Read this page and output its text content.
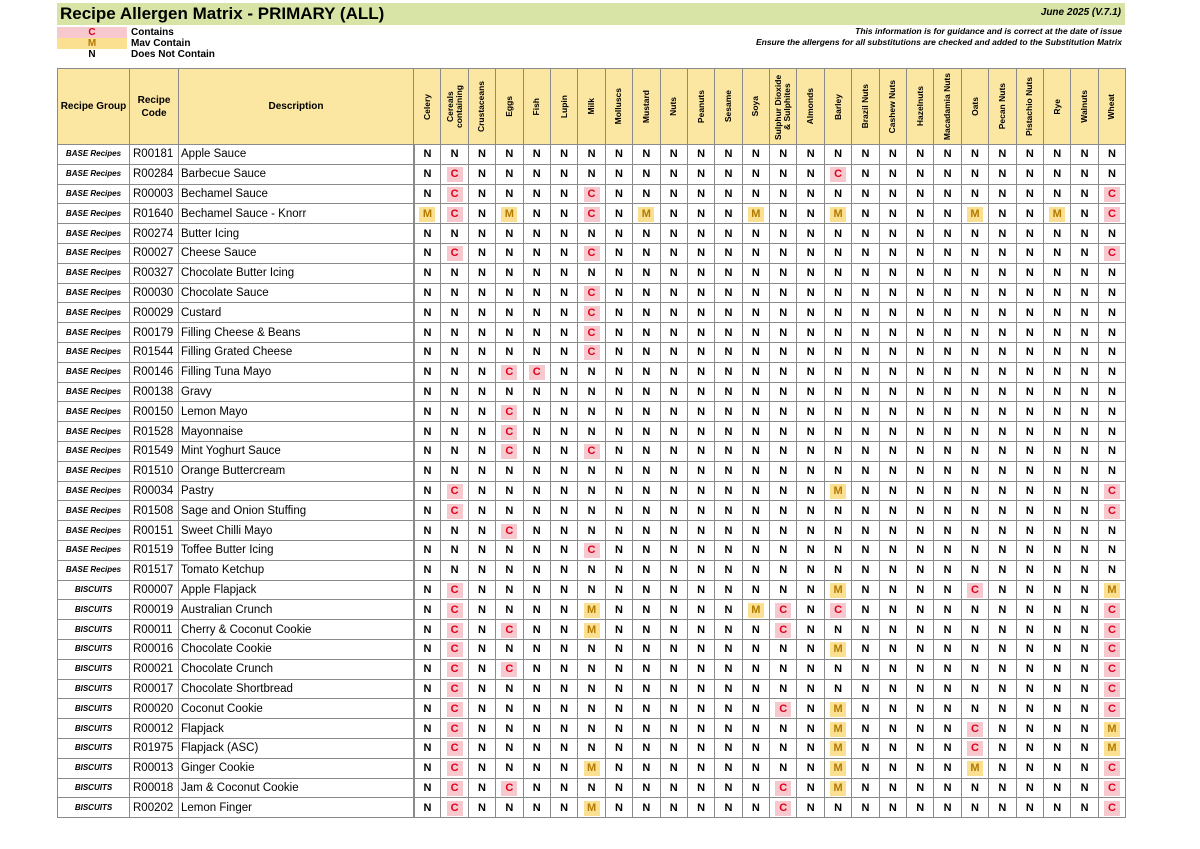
Recipe Allergen Matrix - PRIMARY (ALL)	June 2025 (V.7.1)
C	Contains
M	Mav Contain
N	Does Not Contain
This information is for guidance and is correct at the date of issue
Ensure the allergens for all substitutions are checked and added to the Substitution Matrix
Recipe Group	Recipe Code	Description	Celery	Cereals containing	Crustaceans	Eggs	Fish	Lupin	Milk	Molluscs	Mustard	Nuts	Peanuts	Sesame	Soya	Sulphur Dioxide & Sulphites	Almonds	Barley	Brazil Nuts	Cashew Nuts	Hazelnuts	Macadamia Nuts	Oats	Pecan Nuts	Pistachio Nuts	Rye	Walnuts	Wheat

BASE Recipes	R00181	Apple Sauce	N	N	N	N	N	N	N	N	N	N	N	N	N	N	N	N	N	N	N	N	N	N	N	N	N	N
BASE Recipes	R00284	Barbecue Sauce	N	C	N	N	N	N	N	N	N	N	N	N	N	N	N	C	N	N	N	N	N	N	N	N	N	N
BASE Recipes	R00003	Bechamel Sauce	N	C	N	N	N	N	C	N	N	N	N	N	N	N	N	N	N	N	N	N	N	N	N	N	N	C
BASE Recipes	R01640	Bechamel Sauce - Knorr	M	C	N	M	N	N	C	N	M	N	N	N	M	N	N	M	N	N	N	N	M	N	N	M	N	C
BASE Recipes	R00274	Butter Icing	N	N	N	N	N	N	N	N	N	N	N	N	N	N	N	N	N	N	N	N	N	N	N	N	N	N
BASE Recipes	R00027	Cheese Sauce	N	C	N	N	N	N	C	N	N	N	N	N	N	N	N	N	N	N	N	N	N	N	N	N	N	C
BASE Recipes	R00327	Chocolate Butter Icing	N	N	N	N	N	N	N	N	N	N	N	N	N	N	N	N	N	N	N	N	N	N	N	N	N	N
BASE Recipes	R00030	Chocolate Sauce	N	N	N	N	N	N	C	N	N	N	N	N	N	N	N	N	N	N	N	N	N	N	N	N	N	N
BASE Recipes	R00029	Custard	N	N	N	N	N	N	C	N	N	N	N	N	N	N	N	N	N	N	N	N	N	N	N	N	N	N
BASE Recipes	R00179	Filling Cheese & Beans	N	N	N	N	N	N	C	N	N	N	N	N	N	N	N	N	N	N	N	N	N	N	N	N	N	N
BASE Recipes	R01544	Filling Grated Cheese	N	N	N	N	N	N	C	N	N	N	N	N	N	N	N	N	N	N	N	N	N	N	N	N	N	N
BASE Recipes	R00146	Filling Tuna Mayo	N	N	N	C	C	N	N	N	N	N	N	N	N	N	N	N	N	N	N	N	N	N	N	N	N	N
BASE Recipes	R00138	Gravy	N	N	N	N	N	N	N	N	N	N	N	N	N	N	N	N	N	N	N	N	N	N	N	N	N	N
BASE Recipes	R00150	Lemon Mayo	N	N	N	C	N	N	N	N	N	N	N	N	N	N	N	N	N	N	N	N	N	N	N	N	N	N
BASE Recipes	R01528	Mayonnaise	N	N	N	C	N	N	N	N	N	N	N	N	N	N	N	N	N	N	N	N	N	N	N	N	N	N
BASE Recipes	R01549	Mint Yoghurt Sauce	N	N	N	C	N	N	C	N	N	N	N	N	N	N	N	N	N	N	N	N	N	N	N	N	N	N
BASE Recipes	R01510	Orange Buttercream	N	N	N	N	N	N	N	N	N	N	N	N	N	N	N	N	N	N	N	N	N	N	N	N	N	N
BASE Recipes	R00034	Pastry	N	C	N	N	N	N	N	N	N	N	N	N	N	N	N	M	N	N	N	N	N	N	N	N	N	C
BASE Recipes	R01508	Sage and Onion Stuffing	N	C	N	N	N	N	N	N	N	N	N	N	N	N	N	N	N	N	N	N	N	N	N	N	N	C
BASE Recipes	R00151	Sweet Chilli Mayo	N	N	N	C	N	N	N	N	N	N	N	N	N	N	N	N	N	N	N	N	N	N	N	N	N	N
BASE Recipes	R01519	Toffee Butter Icing	N	N	N	N	N	N	C	N	N	N	N	N	N	N	N	N	N	N	N	N	N	N	N	N	N	N
BASE Recipes	R01517	Tomato Ketchup	N	N	N	N	N	N	N	N	N	N	N	N	N	N	N	N	N	N	N	N	N	N	N	N	N	N
BISCUITS	R00007	Apple Flapjack	N	C	N	N	N	N	N	N	N	N	N	N	N	N	N	M	N	N	N	N	C	N	N	N	N	M
BISCUITS	R00019	Australian Crunch	N	C	N	N	N	N	M	N	N	N	N	N	M	C	N	C	N	N	N	N	N	N	N	N	N	C
BISCUITS	R00011	Cherry & Coconut Cookie	N	C	N	C	N	N	M	N	N	N	N	N	N	C	N	N	N	N	N	N	N	N	N	N	N	C
BISCUITS	R00016	Chocolate Cookie	N	C	N	N	N	N	N	N	N	N	N	N	N	N	N	M	N	N	N	N	N	N	N	N	N	C
BISCUITS	R00021	Chocolate Crunch	N	C	N	C	N	N	N	N	N	N	N	N	N	N	N	N	N	N	N	N	N	N	N	N	N	C
BISCUITS	R00017	Chocolate Shortbread	N	C	N	N	N	N	N	N	N	N	N	N	N	N	N	N	N	N	N	N	N	N	N	N	N	C
BISCUITS	R00020	Coconut Cookie	N	C	N	N	N	N	N	N	N	N	N	N	N	C	N	M	N	N	N	N	N	N	N	N	N	C
BISCUITS	R00012	Flapjack	N	C	N	N	N	N	N	N	N	N	N	N	N	N	N	M	N	N	N	N	C	N	N	N	N	M
BISCUITS	R01975	Flapjack (ASC)	N	C	N	N	N	N	N	N	N	N	N	N	N	N	N	M	N	N	N	N	C	N	N	N	N	M
BISCUITS	R00013	Ginger Cookie	N	C	N	N	N	N	M	N	N	N	N	N	N	N	N	M	N	N	N	N	M	N	N	N	N	C
BISCUITS	R00018	Jam & Coconut Cookie	N	C	N	C	N	N	N	N	N	N	N	N	N	C	N	M	N	N	N	N	N	N	N	N	N	C
BISCUITS	R00202	Lemon Finger	N	C	N	N	N	N	M	N	N	N	N	N	N	C	N	N	N	N	N	N	N	N	N	N	N	C
